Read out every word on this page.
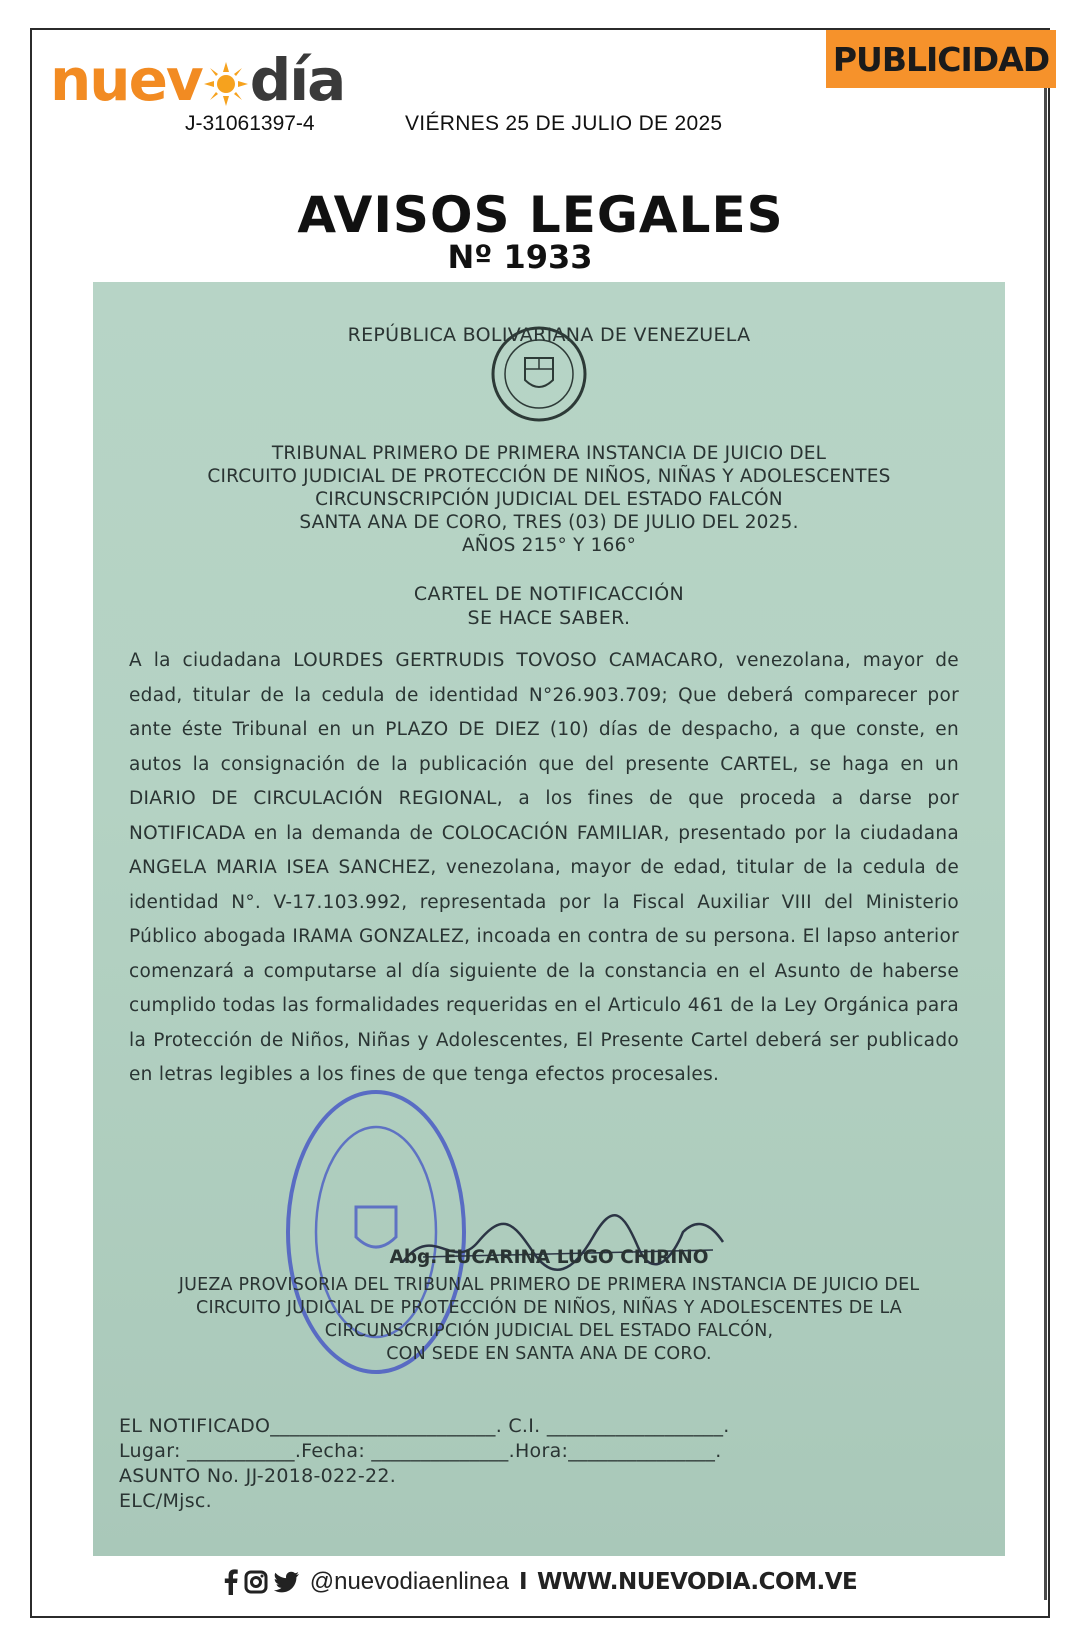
nuev día
J-31061397-4	VIÉRNES 25 DE JULIO DE 2025
PUBLICIDAD
AVISOS LEGALES
Nº 1933
REPÚBLICA BOLIVARIANA DE VENEZUELA
TRIBUNAL PRIMERO DE PRIMERA INSTANCIA DE JUICIO DEL
CIRCUITO JUDICIAL DE PROTECCIÓN DE NIÑOS, NIÑAS Y ADOLESCENTES
CIRCUNSCRIPCIÓN JUDICIAL DEL ESTADO FALCÓN
SANTA ANA DE CORO, TRES (03) DE JULIO DEL 2025.
AÑOS 215° Y 166°
CARTEL DE NOTIFICACCIÓN
SE HACE SABER.
A la ciudadana LOURDES GERTRUDIS TOVOSO CAMACARO, venezolana, mayor de edad, titular de la cedula de identidad N°26.903.709; Que deberá comparecer por ante éste Tribunal en un PLAZO DE DIEZ (10) días de despacho, a que conste, en autos la consignación de la publicación que del presente CARTEL, se haga en un DIARIO DE CIRCULACIÓN REGIONAL, a los fines de que proceda a darse por NOTIFICADA en la demanda de COLOCACIÓN FAMILIAR, presentado por la ciudadana ANGELA MARIA ISEA SANCHEZ, venezolana, mayor de edad, titular de la cedula de identidad N°. V-17.103.992, representada por la Fiscal Auxiliar VIII del Ministerio Público abogada IRAMA GONZALEZ, incoada en contra de su persona. El lapso anterior comenzará a computarse al día siguiente de la constancia en el Asunto de haberse cumplido todas las formalidades requeridas en el Articulo 461 de la Ley Orgánica para la Protección de Niños, Niñas y Adolescentes, El Presente Cartel deberá ser publicado en letras legibles a los fines de que tenga efectos procesales.
Abg. EUCARINA LUGO CHIRINO
JUEZA PROVISORIA DEL TRIBUNAL PRIMERO DE PRIMERA INSTANCIA DE JUICIO DEL
CIRCUITO JUDICIAL DE PROTECCIÓN DE NIÑOS, NIÑAS Y ADOLESCENTES DE LA
CIRCUNSCRIPCIÓN JUDICIAL DEL ESTADO FALCÓN,
CON SEDE EN SANTA ANA DE CORO.
EL NOTIFICADO_______________________. C.I. __________________.
Lugar: ___________.Fecha: ______________.Hora:_______________.
ASUNTO No. JJ-2018-022-22.
ELC/Mjsc.
@nuevodiaenlinea I WWW.NUEVODIA.COM.VE
